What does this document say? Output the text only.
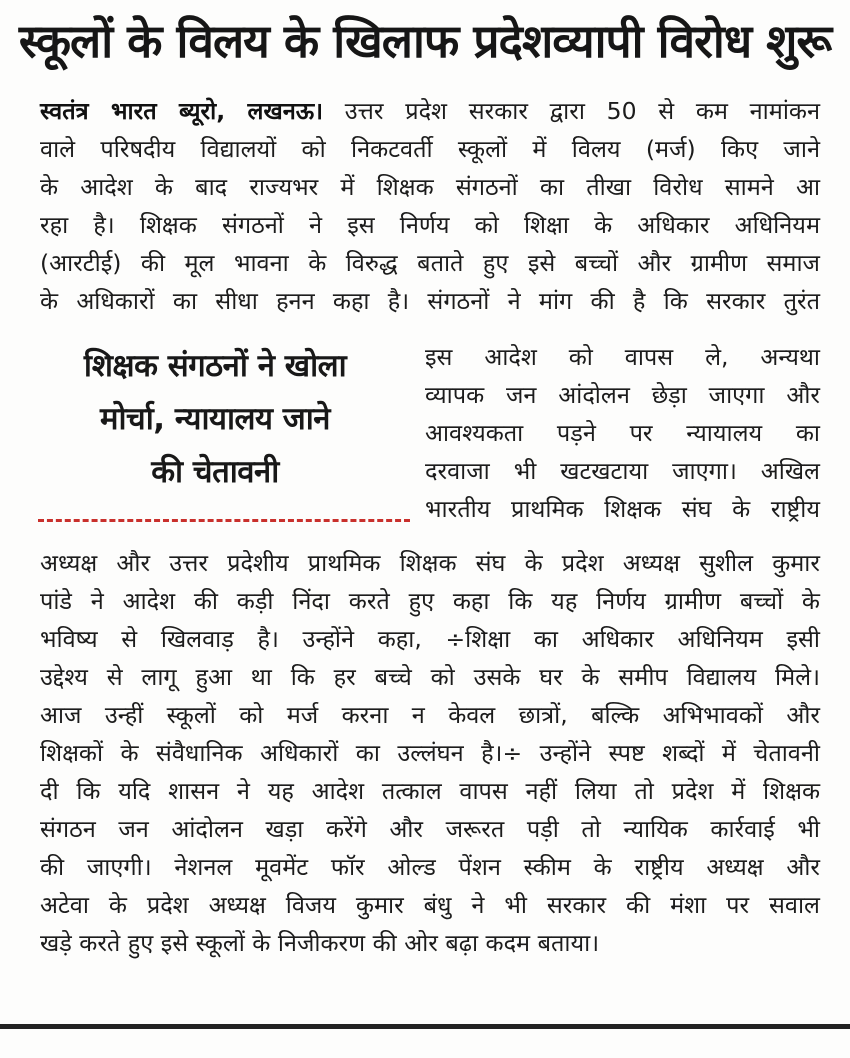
स्कूलों के विलय के खिलाफ प्रदेशव्यापी विरोध शुरू
स्वतंत्र भारत ब्यूरो, लखनऊ। उत्तर प्रदेश सरकार द्वारा 50 से कम नामांकन
वाले परिषदीय विद्यालयों को निकटवर्ती स्कूलों में विलय (मर्ज) किए जाने
के आदेश के बाद राज्यभर में शिक्षक संगठनों का तीखा विरोध सामने आ
रहा है। शिक्षक संगठनों ने इस निर्णय को शिक्षा के अधिकार अधिनियम
(आरटीई) की मूल भावना के विरुद्ध बताते हुए इसे बच्चों और ग्रामीण समाज
के अधिकारों का सीधा हनन कहा है। संगठनों ने मांग की है कि सरकार तुरंत
शिक्षक संगठनों ने खोला
मोर्चा, न्यायालय जाने
की चेतावनी
इस आदेश को वापस ले, अन्यथा
व्यापक जन आंदोलन छेड़ा जाएगा और
आवश्यकता पड़ने पर न्यायालय का
दरवाजा भी खटखटाया जाएगा। अखिल
भारतीय प्राथमिक शिक्षक संघ के राष्ट्रीय
अध्यक्ष और उत्तर प्रदेशीय प्राथमिक शिक्षक संघ के प्रदेश अध्यक्ष सुशील कुमार
पांडे ने आदेश की कड़ी निंदा करते हुए कहा कि यह निर्णय ग्रामीण बच्चों के
भविष्य से खिलवाड़ है। उन्होंने कहा, ÷शिक्षा का अधिकार अधिनियम इसी
उद्देश्य से लागू हुआ था कि हर बच्चे को उसके घर के समीप विद्यालय मिले।
आज उन्हीं स्कूलों को मर्ज करना न केवल छात्रों, बल्कि अभिभावकों और
शिक्षकों के संवैधानिक अधिकारों का उल्लंघन है।÷ उन्होंने स्पष्ट शब्दों में चेतावनी
दी कि यदि शासन ने यह आदेश तत्काल वापस नहीं लिया तो प्रदेश में शिक्षक
संगठन जन आंदोलन खड़ा करेंगे और जरूरत पड़ी तो न्यायिक कार्रवाई भी
की जाएगी। नेशनल मूवमेंट फॉर ओल्ड पेंशन स्कीम के राष्ट्रीय अध्यक्ष और
अटेवा के प्रदेश अध्यक्ष विजय कुमार बंधु ने भी सरकार की मंशा पर सवाल
खड़े करते हुए इसे स्कूलों के निजीकरण की ओर बढ़ा कदम बताया।
